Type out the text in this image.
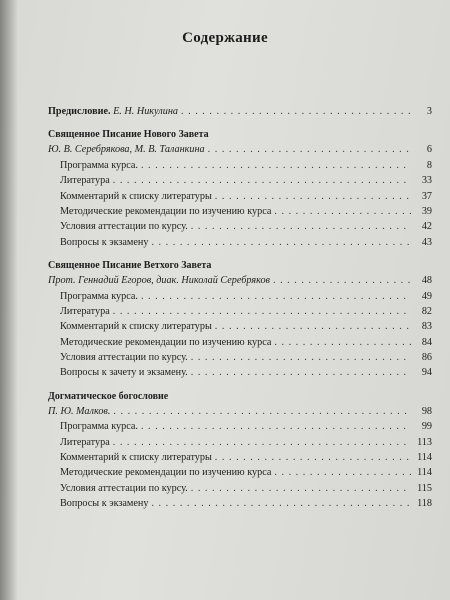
Содержание
Предисловие. Е. Н. Никулина . . .	3
Священное Писание Нового Завета
Ю. В. Серебрякова, М. В. Таланкина . . .	6
Программа курса. . . .	8
Литература . . .	33
Комментарий к списку литературы . . .	37
Методические рекомендации по изучению курса . . .	39
Условия аттестации по курсу. . . .	42
Вопросы к экзамену . . .	43
Священное Писание Ветхого Завета
Прот. Геннадий Егоров, диак. Николай Серебряков . . .	48
Программа курса. . . .	49
Литература . . .	82
Комментарий к списку литературы . . .	83
Методические рекомендации по изучению курса . . .	84
Условия аттестации по курсу. . . .	86
Вопросы к зачету и экзамену. . . .	94
Догматическое богословие
П. Ю. Малков. . . .	98
Программа курса. . . .	99
Литература . . .	113
Комментарий к списку литературы . . .	114
Методические рекомендации по изучению курса . . .	114
Условия аттестации по курсу. . . .	115
Вопросы к экзамену . . .	118
